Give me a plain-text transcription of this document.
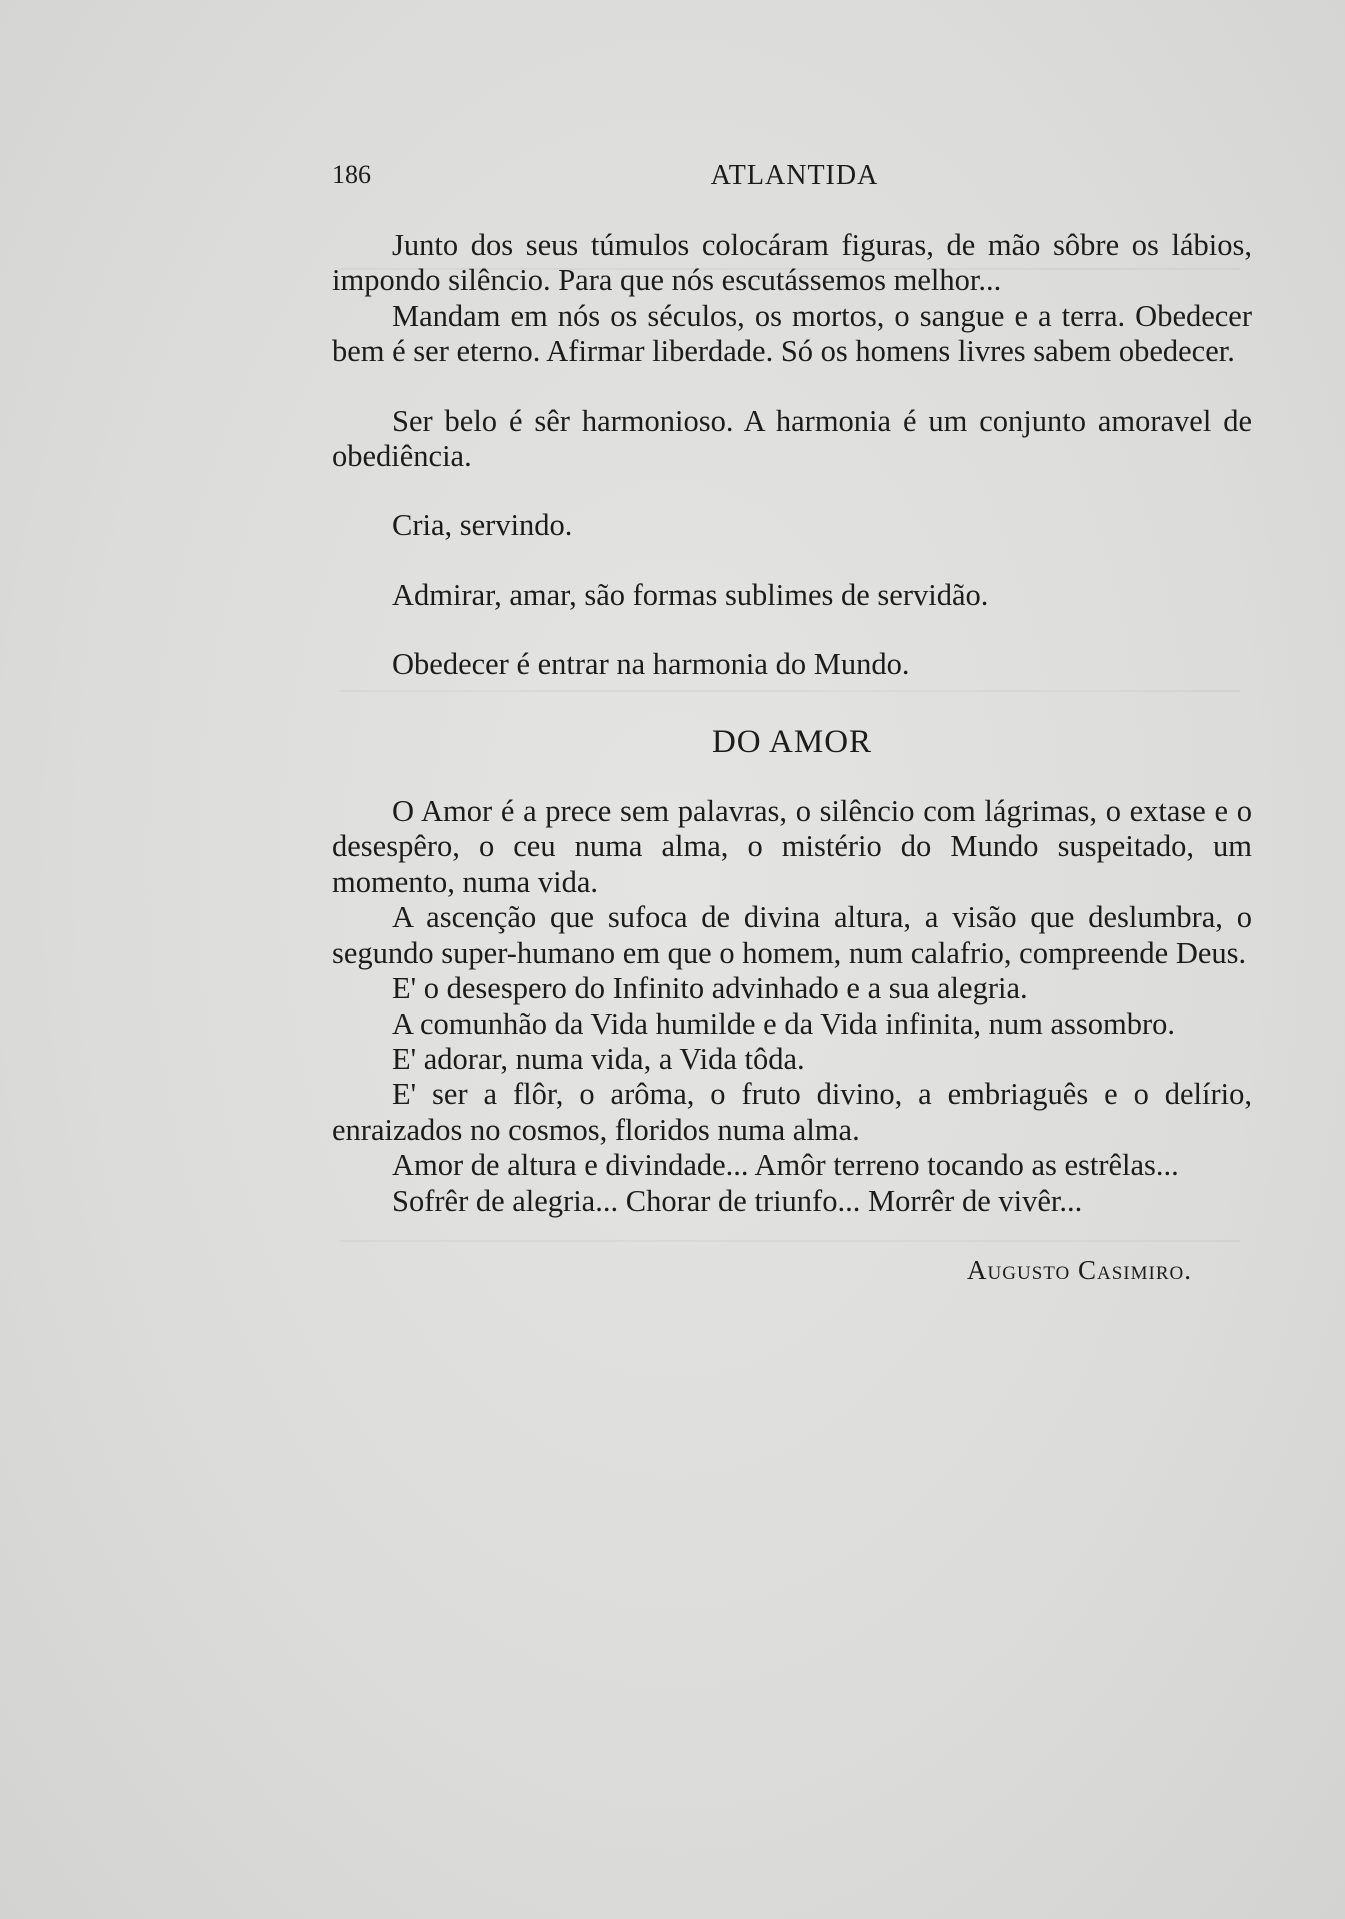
186	ATLANTIDA

Junto dos seus túmulos colocáram figuras, de mão sôbre os lábios, impondo silêncio. Para que nós escutássemos melhor...

Mandam em nós os séculos, os mortos, o sangue e a terra. Obedecer bem é ser eterno. Afirmar liberdade. Só os homens livres sabem obedecer.

Ser belo é sêr harmonioso. A harmonia é um conjunto amoravel de obediência.

Cria, servindo.

Admirar, amar, são formas sublimes de servidão.

Obedecer é entrar na harmonia do Mundo.

DO AMOR

O Amor é a prece sem palavras, o silêncio com lágrimas, o extase e o desespêro, o ceu numa alma, o mistério do Mundo suspeitado, um momento, numa vida.

A ascenção que sufoca de divina altura, a visão que deslumbra, o segundo super-humano em que o homem, num calafrio, compreende Deus.

E' o desespero do Infinito advinhado e a sua alegria.

A comunhão da Vida humilde e da Vida infinita, num assombro.

E' adorar, numa vida, a Vida tôda.

E' ser a flôr, o arôma, o fruto divino, a embriaguês e o delírio, enraizados no cosmos, floridos numa alma.

Amor de altura e divindade... Amôr terreno tocando as estrêlas...

Sofrêr de alegria... Chorar de triunfo... Morrêr de vivêr...

Augusto Casimiro.
